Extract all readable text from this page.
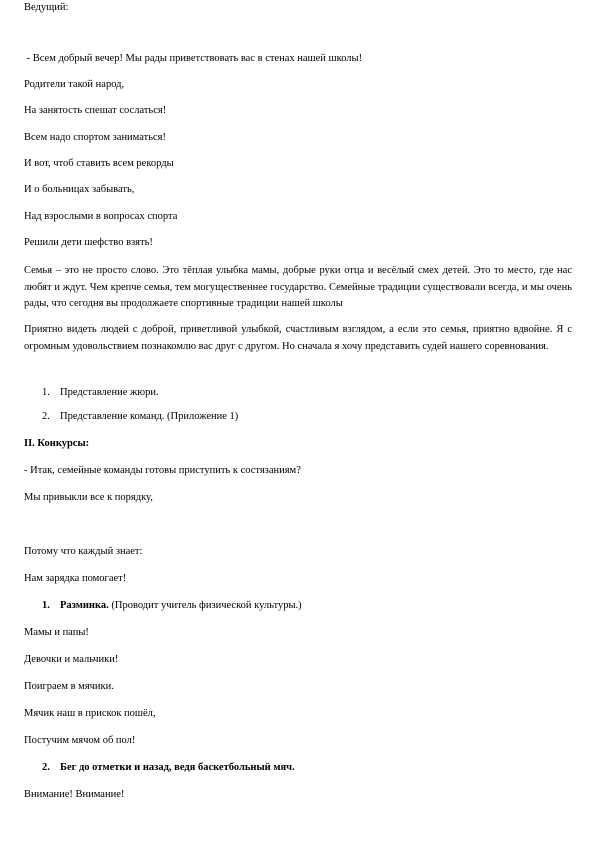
Ведущий:

- Всем добрый вечер! Мы рады приветствовать вас в стенах нашей школы!

Родители такой народ,

На занятость спешат сослаться!

Всем надо спортом заниматься!

И вот, чтоб ставить всем рекорды

И о больницах забывать,

Над взрослыми в вопросах спорта

Решили дети шефство взять!

Семья – это не просто слово. Это тёплая улыбка мамы, добрые руки отца и весёлый смех детей. Это то место, где нас любят и ждут. Чем крепче семья, тем могущественнее государство. Семейные традиции существовали всегда, и мы очень рады, что сегодня вы продолжаете спортивные традиции нашей школы

Приятно видеть людей с доброй, приветливой улыбкой, счастливым взглядом, а если это семья, приятно вдвойне. Я с огромным удовольствием познакомлю вас друг с другом. Но сначала я хочу представить судей нашего соревнования.

1. Представление жюри.
2. Представление команд. (Приложение 1)

II. Конкурсы:

- Итак, семейные команды готовы приступить к состязаниям?

Мы привыкли все к порядку,

Потому что каждый знает:

Нам зарядка помогает!

1. Разминка. (Проводит учитель физической культуры.)

Мамы и папы!

Девочки и мальчики!

Поиграем в мячики.

Мячик наш в прискок пошёл,

Постучим мячом об пол!

2. Бег до отметки и назад, ведя баскетбольный мяч.

Внимание! Внимание!
